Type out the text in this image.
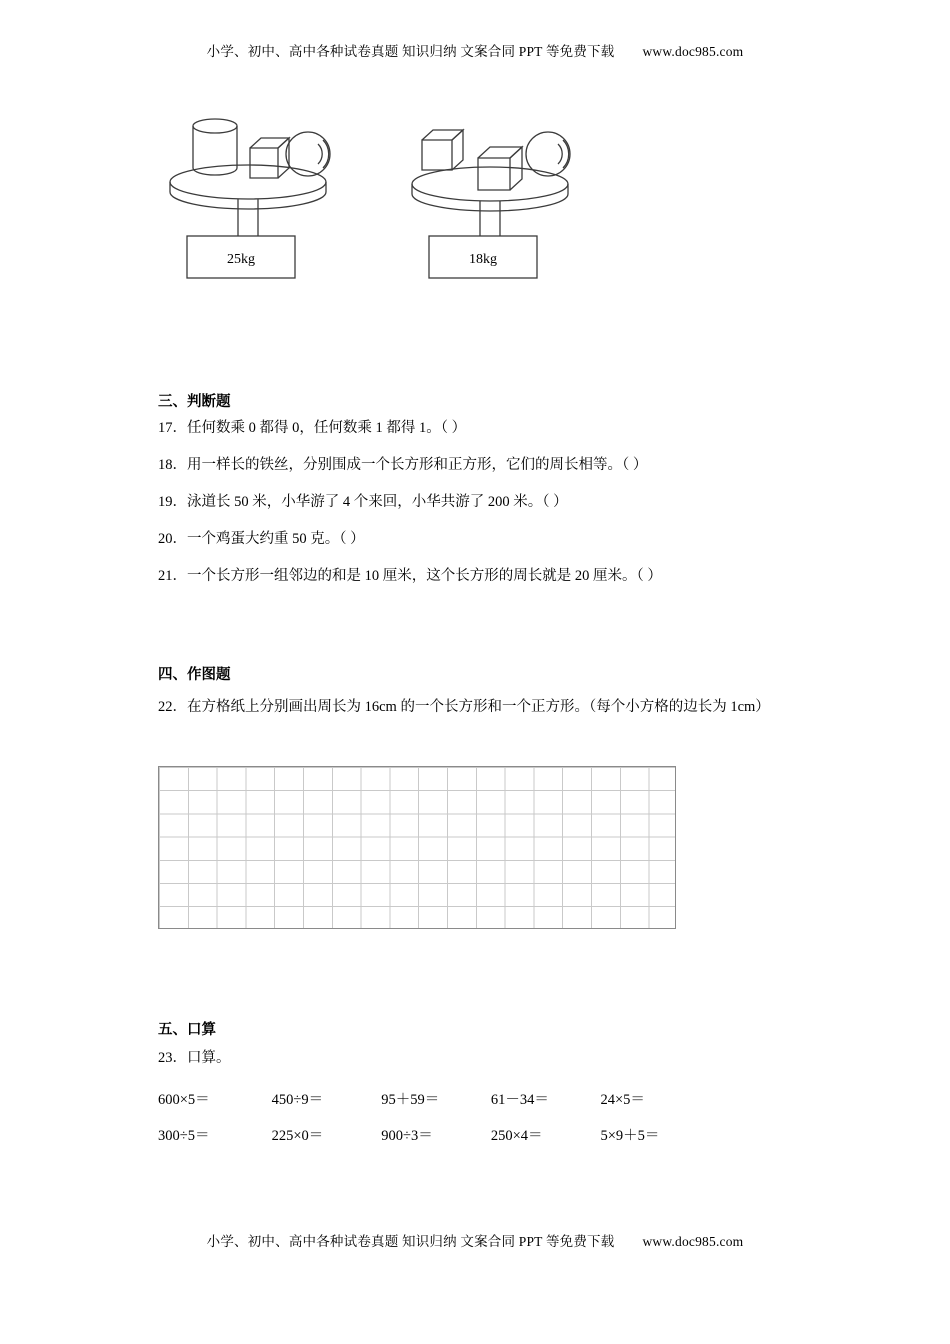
小学、初中、高中各种试卷真题 知识归纳 文案合同 PPT 等免费下载 www.doc985.com
25kg	18kg
三、判断题
17．任何数乘 0 都得 0，任何数乘 1 都得 1。（ ）
18．用一样长的铁丝，分别围成一个长方形和正方形，它们的周长相等。（ ）
19．泳道长 50 米，小华游了 4 个来回，小华共游了 200 米。（ ）
20．一个鸡蛋大约重 50 克。（ ）
21．一个长方形一组邻边的和是 10 厘米，这个长方形的周长就是 20 厘米。（ ）
四、作图题
22．在方格纸上分别画出周长为 16cm 的一个长方形和一个正方形。（每个小方格的边长为 1cm）
五、口算
23．口算。
600×5＝	450÷9＝	95＋59＝	61－34＝	24×5＝
300÷5＝	225×0＝	900÷3＝	250×4＝	5×9＋5＝
小学、初中、高中各种试卷真题 知识归纳 文案合同 PPT 等免费下载 www.doc985.com
